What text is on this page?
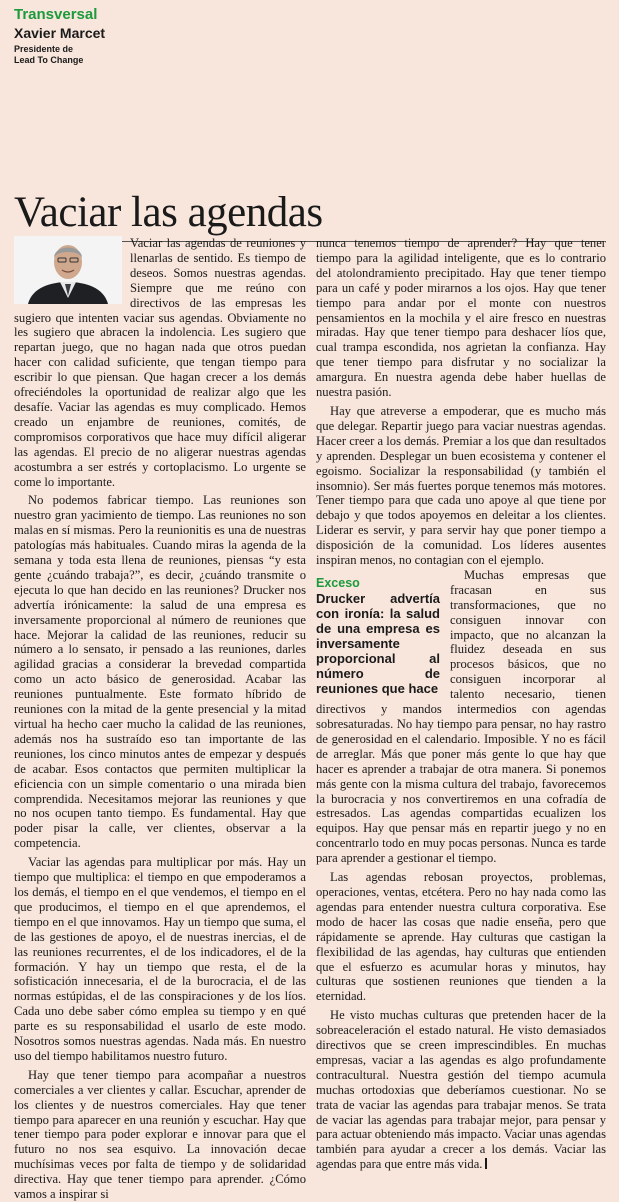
Transversal
Xavier Marcet
Presidente de
Lead To Change
Vaciar las agendas

Vaciar las agendas de reuniones y llenarlas de sentido. Es tiempo de deseos. Somos nuestras agendas. Siempre que me reúno con directivos de las empresas les sugiero que intenten vaciar sus agendas. Obviamente no les sugiero que abracen la indolencia. Les sugiero que repartan juego, que no hagan nada que otros puedan hacer con calidad suficiente, que tengan tiempo para escribir lo que piensan. Que hagan crecer a los demás ofreciéndoles la oportunidad de realizar algo que les desafíe. Vaciar las agendas es muy complicado. Hemos creado un enjambre de reuniones, comités, de compromisos corporativos que hace muy difícil aligerar las agendas. El precio de no aligerar nuestras agendas acostumbra a ser estrés y cortoplacismo. Lo urgente se come lo importante.

No podemos fabricar tiempo. Las reuniones son nuestro gran yacimiento de tiempo. Las reuniones no son malas en sí mismas. Pero la reunionitis es una de nuestras patologías más habituales. Cuando miras la agenda de la semana y toda esta llena de reuniones, piensas “y esta gente ¿cuándo trabaja?”, es decir, ¿cuándo transmite o ejecuta lo que han decido en las reuniones? Drucker nos advertía irónicamente: la salud de una empresa es inversamente proporcional al número de reuniones que hace. Mejorar la calidad de las reuniones, reducir su número a lo sensato, ir pensado a las reuniones, darles agilidad gracias a considerar la brevedad compartida como un acto básico de generosidad. Acabar las reuniones puntualmente. Este formato híbrido de reuniones con la mitad de la gente presencial y la mitad virtual ha hecho caer mucho la calidad de las reuniones, además nos ha sustraído eso tan importante de las reuniones, los cinco minutos antes de empezar y después de acabar. Esos contactos que permiten multiplicar la eficiencia con un simple comentario o una mirada bien comprendida. Necesitamos mejorar las reuniones y que no nos ocupen tanto tiempo. Es fundamental. Hay que poder pisar la calle, ver clientes, observar a la competencia.

Vaciar las agendas para multiplicar por más. Hay un tiempo que multiplica: el tiempo en que empoderamos a los demás, el tiempo en el que vendemos, el tiempo en el que producimos, el tiempo en el que aprendemos, el tiempo en el que innovamos. Hay un tiempo que suma, el de las gestiones de apoyo, el de nuestras inercias, el de las reuniones recurrentes, el de los indicadores, el de la formación. Y hay un tiempo que resta, el de la sofisticación innecesaria, el de la burocracia, el de las normas estúpidas, el de las conspiraciones y de los líos. Cada uno debe saber cómo emplea su tiempo y en qué parte es su responsabilidad el usarlo de este modo. Nosotros somos nuestras agendas. Nada más. En nuestro uso del tiempo habilitamos nuestro futuro.

Hay que tener tiempo para acompañar a nuestros comerciales a ver clientes y callar. Escuchar, aprender de los clientes y de nuestros comerciales. Hay que tener tiempo para aparecer en una reunión y escuchar. Hay que tener tiempo para poder explorar e innovar para que el futuro no nos sea esquivo. La innovación decae muchísimas veces por falta de tiempo y de solidaridad directiva. Hay que tener tiempo para aprender. ¿Cómo vamos a inspirar si

nunca tenemos tiempo de aprender? Hay que tener tiempo para la agilidad inteligente, que es lo contrario del atolondramiento precipitado. Hay que tener tiempo para un café y poder mirarnos a los ojos. Hay que tener tiempo para andar por el monte con nuestros pensamientos en la mochila y el aire fresco en nuestras miradas. Hay que tener tiempo para deshacer líos que, cual trampa escondida, nos agrietan la confianza. Hay que tener tiempo para disfrutar y no socializar la amargura. En nuestra agenda debe haber huellas de nuestra pasión.

Hay que atreverse a empoderar, que es mucho más que delegar. Repartir juego para vaciar nuestras agendas. Hacer creer a los demás. Premiar a los que dan resultados y aprenden. Desplegar un buen ecosistema y contener el egoismo. Socializar la responsabilidad (y también el insomnio). Ser más fuertes porque tenemos más motores. Tener tiempo para que cada uno apoye al que tiene por debajo y que todos apoyemos en deleitar a los clientes. Liderar es servir, y para servir hay que poner tiempo a disposición de la comunidad. Los líderes ausentes inspiran menos, no contagian con el ejemplo.

Exceso
Drucker advertía con ironía: la salud de una empresa es inversamente proporcional al número de reuniones que hace

Muchas empresas que fracasan en sus transformaciones, que no consiguen innovar con impacto, que no alcanzan la fluidez deseada en sus procesos básicos, que no consiguen incorporar al talento necesario, tienen directivos y mandos intermedios con agendas sobresaturadas. No hay tiempo para pensar, no hay rastro de generosidad en el calendario. Imposible. Y no es fácil de arreglar. Más que poner más gente lo que hay que hacer es aprender a trabajar de otra manera. Si ponemos más gente con la misma cultura del trabajo, favorecemos la burocracia y nos convertiremos en una cofradía de estresados. Las agendas compartidas ecualizen los equipos. Hay que pensar más en repartir juego y no en concentrarlo todo en muy pocas personas. Nunca es tarde para aprender a gestionar el tiempo.

Las agendas rebosan proyectos, problemas, operaciones, ventas, etcétera. Pero no hay nada como las agendas para entender nuestra cultura corporativa. Ese modo de hacer las cosas que nadie enseña, pero que rápidamente se aprende. Hay culturas que castigan la flexibilidad de las agendas, hay culturas que entienden que el esfuerzo es acumular horas y minutos, hay culturas que sostienen reuniones que tienden a la eternidad.

He visto muchas culturas que pretenden hacer de la sobreaceleración el estado natural. He visto demasiados directivos que se creen imprescindibles. En muchas empresas, vaciar a las agendas es algo profundamente contracultural. Nuestra gestión del tiempo acumula muchas ortodoxias que deberíamos cuestionar. No se trata de vaciar las agendas para trabajar menos. Se trata de vaciar las agendas para trabajar mejor, para pensar y para actuar obteniendo más impacto. Vaciar unas agendas también para ayudar a crecer a los demás. Vaciar las agendas para que entre más vida.
